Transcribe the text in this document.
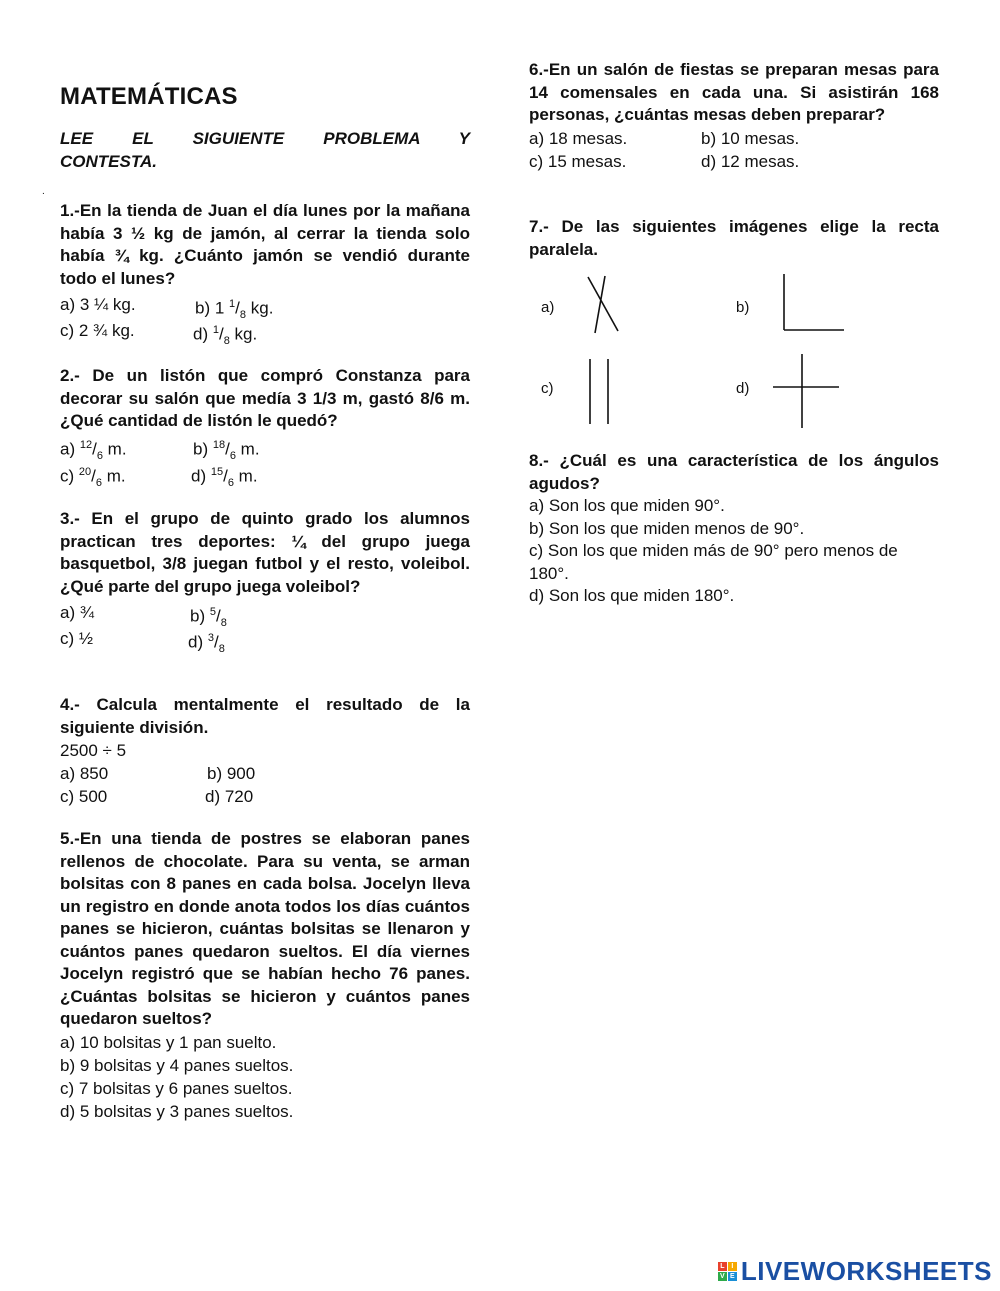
MATEMÁTICAS
LEE EL SIGUIENTE PROBLEMA Y
CONTESTA.

1.-En la tienda de Juan el día lunes por la mañana había 3 ½ kg de jamón, al cerrar la tienda solo había ¾ kg. ¿Cuánto jamón se vendió durante todo el lunes?

a) 3 ¼ kg.	b) 1 $^1/_8$ kg.
c) 2 ¾ kg.	d) $^1/_8$ kg.

2.- De un listón que compró Constanza para decorar su salón que medía 3 1/3 m, gastó 8/6 m. ¿Qué cantidad de listón le quedó?

a) $^{12}/_6$ m.	b) $^{18}/_6$ m.
c) $^{20}/_6$ m.	d) $^{15}/_6$ m.

3.- En el grupo de quinto grado los alumnos practican tres deportes: ¼ del grupo juega basquetbol, 3/8 juegan futbol y el resto, voleibol. ¿Qué parte del grupo juega voleibol?

a) ¾	b) $^5/_8$
c) ½	d) $^3/_8$

4.- Calcula mentalmente el resultado de la siguiente división.

2500 ÷ 5
a) 850	b) 900
c) 500	d) 720

5.-En una tienda de postres se elaboran panes rellenos de chocolate. Para su venta, se arman bolsitas con 8 panes en cada bolsa. Jocelyn lleva un registro en donde anota todos los días cuántos panes se hicieron, cuántas bolsitas se llenaron y cuántos panes quedaron sueltos. El día viernes Jocelyn registró que se habían hecho 76 panes. ¿Cuántas bolsitas se hicieron y cuántos panes quedaron sueltos?

a) 10 bolsitas y 1 pan suelto.

b) 9 bolsitas y 4 panes sueltos.

c) 7 bolsitas y 6 panes sueltos.

d) 5 bolsitas y 3 panes sueltos.

.

6.-En un salón de fiestas se preparan mesas para 14 comensales en cada una. Si asistirán 168 personas, ¿cuántas mesas deben preparar?

a) 18 mesas.	b) 10 mesas.
c) 15 mesas.	d) 12 mesas.

7.- De las siguientes imágenes elige la recta paralela.

a)	b)
c)	d)

8.- ¿Cuál es una característica de los ángulos agudos?

a) Son los que miden 90°.

b) Son los que miden menos de 90°.

c) Son los que miden más de 90° pero menos de 180°.

d) Son los que miden 180°.

L I
V E LIVEWORKSHEETS
